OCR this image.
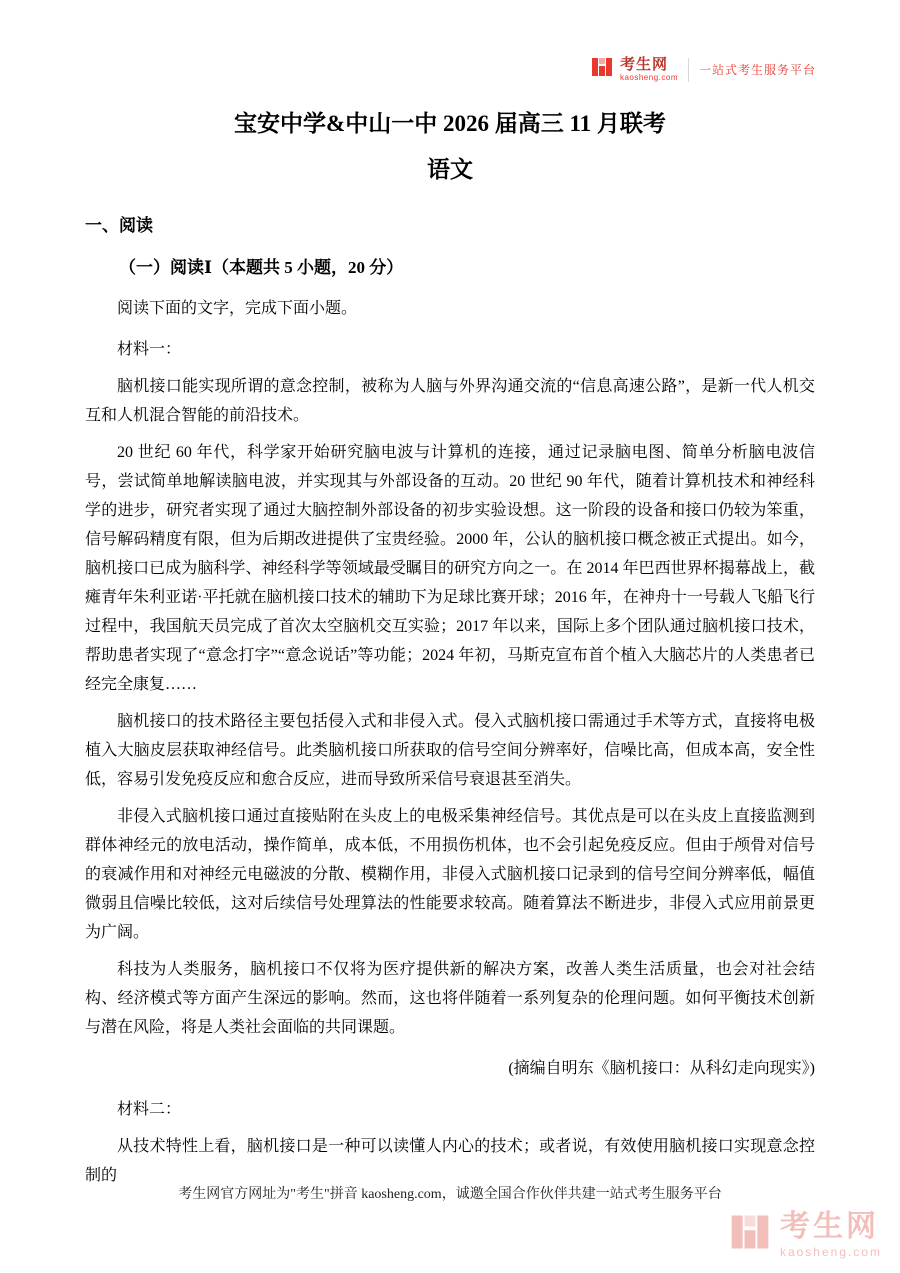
考生网
kaosheng.com
一站式考生服务平台
宝安中学&中山一中 2026 届高三 11 月联考
语文
一、阅读
（一）阅读Ⅰ（本题共 5 小题，20 分）

阅读下面的文字，完成下面小题。

材料一：

脑机接口能实现所谓的意念控制，被称为人脑与外界沟通交流的“信息高速公路”，是新一代人机交互和人机混合智能的前沿技术。

20 世纪 60 年代，科学家开始研究脑电波与计算机的连接，通过记录脑电图、简单分析脑电波信号，尝试简单地解读脑电波，并实现其与外部设备的互动。20 世纪 90 年代，随着计算机技术和神经科学的进步，研究者实现了通过大脑控制外部设备的初步实验设想。这一阶段的设备和接口仍较为笨重，信号解码精度有限，但为后期改进提供了宝贵经验。2000 年，公认的脑机接口概念被正式提出。如今，脑机接口已成为脑科学、神经科学等领域最受瞩目的研究方向之一。在 2014 年巴西世界杯揭幕战上，截瘫青年朱利亚诺·平托就在脑机接口技术的辅助下为足球比赛开球；2016 年，在神舟十一号载人飞船飞行过程中，我国航天员完成了首次太空脑机交互实验；2017 年以来，国际上多个团队通过脑机接口技术，帮助患者实现了“意念打字”“意念说话”等功能；2024 年初，马斯克宣布首个植入大脑芯片的人类患者已经完全康复……

脑机接口的技术路径主要包括侵入式和非侵入式。侵入式脑机接口需通过手术等方式，直接将电极植入大脑皮层获取神经信号。此类脑机接口所获取的信号空间分辨率好，信噪比高，但成本高，安全性低，容易引发免疫反应和愈合反应，进而导致所采信号衰退甚至消失。

非侵入式脑机接口通过直接贴附在头皮上的电极采集神经信号。其优点是可以在头皮上直接监测到群体神经元的放电活动，操作简单，成本低，不用损伤机体，也不会引起免疫反应。但由于颅骨对信号的衰减作用和对神经元电磁波的分散、模糊作用，非侵入式脑机接口记录到的信号空间分辨率低，幅值微弱且信噪比较低，这对后续信号处理算法的性能要求较高。随着算法不断进步，非侵入式应用前景更为广阔。

科技为人类服务，脑机接口不仅将为医疗提供新的解决方案，改善人类生活质量，也会对社会结构、经济模式等方面产生深远的影响。然而，这也将伴随着一系列复杂的伦理问题。如何平衡技术创新与潜在风险，将是人类社会面临的共同课题。

(摘编自明东《脑机接口：从科幻走向现实》)

材料二：

从技术特性上看，脑机接口是一种可以读懂人内心的技术；或者说，有效使用脑机接口实现意念控制的

考生网官方网址为"考生"拼音 kaosheng.com，诚邀全国合作伙伴共建一站式考生服务平台
考生网
kaosheng.com
